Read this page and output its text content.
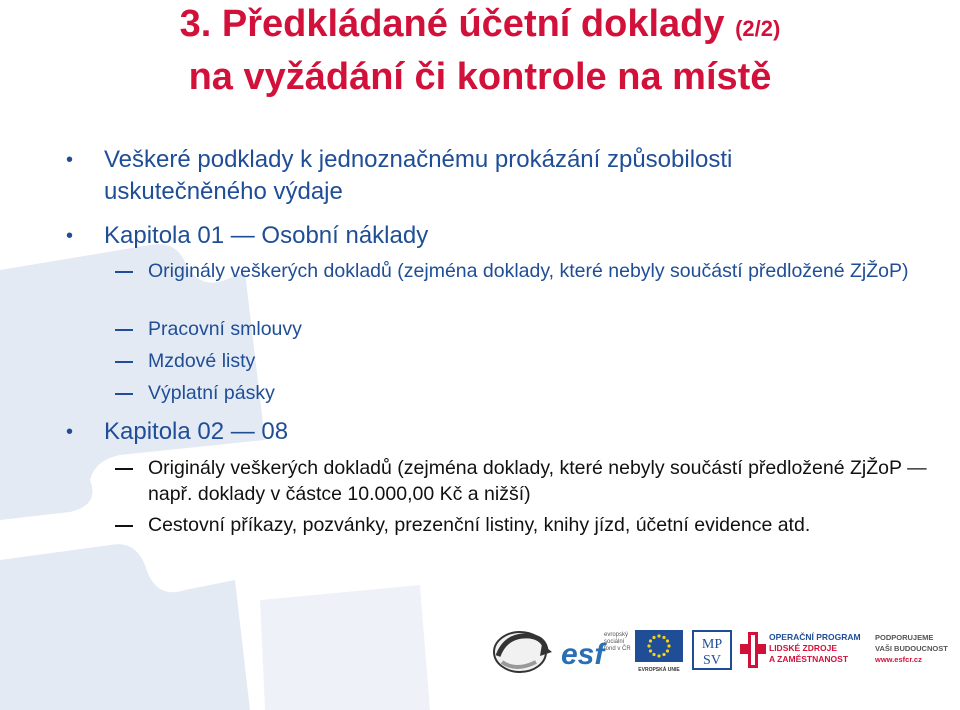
3. Předkládané účetní doklady (2/2)
na vyžádání či kontrole na místě
• Veškeré podklady k jednoznačnému prokázání způsobilosti uskutečněného výdaje
• Kapitola 01 — Osobní náklady
Originály veškerých dokladů (zejména doklady, které nebyly součástí předložené ZjŽoP)
Pracovní smlouvy
Mzdové listy
Výplatní pásky
• Kapitola 02 — 08
Originály veškerých dokladů (zejména doklady, které nebyly součástí předložené ZjŽoP — např. doklady v částce 10.000,00 Kč a nižší)
Cestovní příkazy, pozvánky, prezenční listiny, knihy jízd, účetní evidence atd.
esf
evropský
sociální
fond v ČR
EVROPSKÁ UNIE
MP
SV
OPERAČNÍ PROGRAM
LIDSKÉ ZDROJE
A ZAMĚSTNANOST
PODPORUJEME
VAŠI BUDOUCNOST
www.esfcr.cz
